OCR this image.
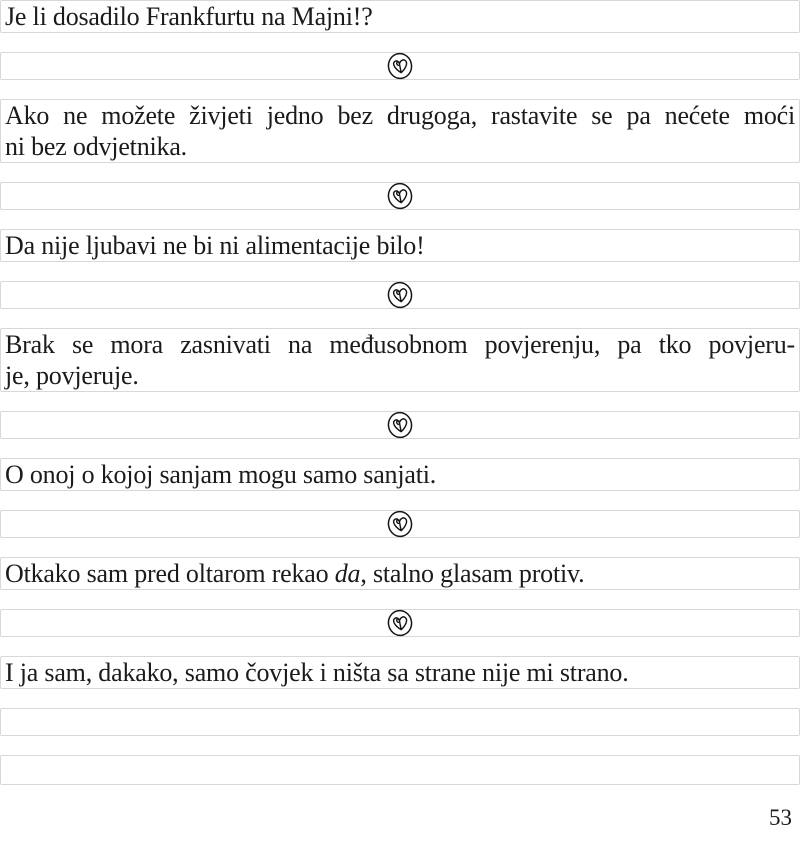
Je li dosadilo Frankfurtu na Majni!?
Ako ne možete živjeti jedno bez drugoga, rastavite se pa nećete moći
ni bez odvjetnika.
Da nije ljubavi ne bi ni alimentacije bilo!
Brak se mora zasnivati na međusobnom povjerenju, pa tko povjeru-
je, povjeruje.
O onoj o kojoj sanjam mogu samo sanjati.
Otkako sam pred oltarom rekao da, stalno glasam protiv.
I ja sam, dakako, samo čovjek i ništa sa strane nije mi strano.
53
